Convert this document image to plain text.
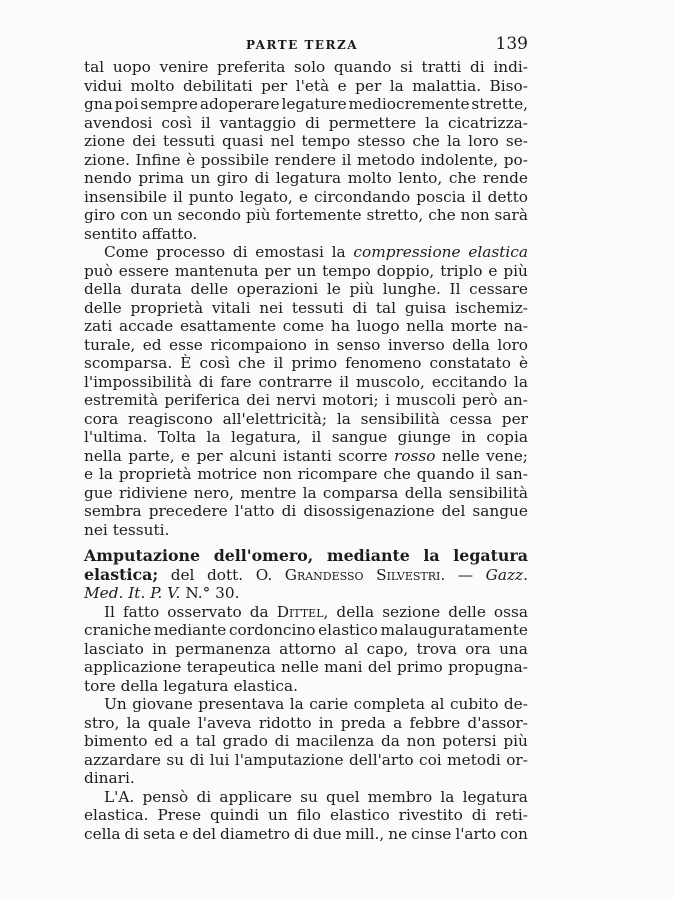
PARTE TERZA	139
tal uopo venire preferita solo quando si tratti di indi-
vidui molto debilitati per l'età e per la malattia. Biso-
gna poi sempre adoperare legature mediocremente strette,
avendosi così il vantaggio di permettere la cicatrizza-
zione dei tessuti quasi nel tempo stesso che la loro se-
zione. Infine è possibile rendere il metodo indolente, po-
nendo prima un giro di legatura molto lento, che rende
insensibile il punto legato, e circondando poscia il detto
giro con un secondo più fortemente stretto, che non sarà
sentito affatto.
Come processo di emostasi la compressione elastica
può essere mantenuta per un tempo doppio, triplo e più
della durata delle operazioni le più lunghe. Il cessare
delle proprietà vitali nei tessuti di tal guisa ischemiz-
zati accade esattamente come ha luogo nella morte na-
turale, ed esse ricompaiono in senso inverso della loro
scomparsa. È così che il primo fenomeno constatato è
l'impossibilità di fare contrarre il muscolo, eccitando la
estremità periferica dei nervi motori; i muscoli però an-
cora reagiscono all'elettricità; la sensibilità cessa per
l'ultima. Tolta la legatura, il sangue giunge in copia
nella parte, e per alcuni istanti scorre rosso nelle vene;
e la proprietà motrice non ricompare che quando il san-
gue ridiviene nero, mentre la comparsa della sensibilità
sembra precedere l'atto di disossigenazione del sangue
nei tessuti.
Amputazione dell'omero, mediante la legatura
elastica; del dott. O. Grandesso Silvestri. — Gazz.
Med. It. P. V. N.° 30.
Il fatto osservato da Dittel, della sezione delle ossa
craniche mediante cordoncino elastico malauguratamente
lasciato in permanenza attorno al capo, trova ora una
applicazione terapeutica nelle mani del primo propugna-
tore della legatura elastica.
Un giovane presentava la carie completa al cubito de-
stro, la quale l'aveva ridotto in preda a febbre d'assor-
bimento ed a tal grado di macilenza da non potersi più
azzardare su di lui l'amputazione dell'arto coi metodi or-
dinari.
L'A. pensò di applicare su quel membro la legatura
elastica. Prese quindi un filo elastico rivestito di reti-
cella di seta e del diametro di due mill., ne cinse l'arto con
